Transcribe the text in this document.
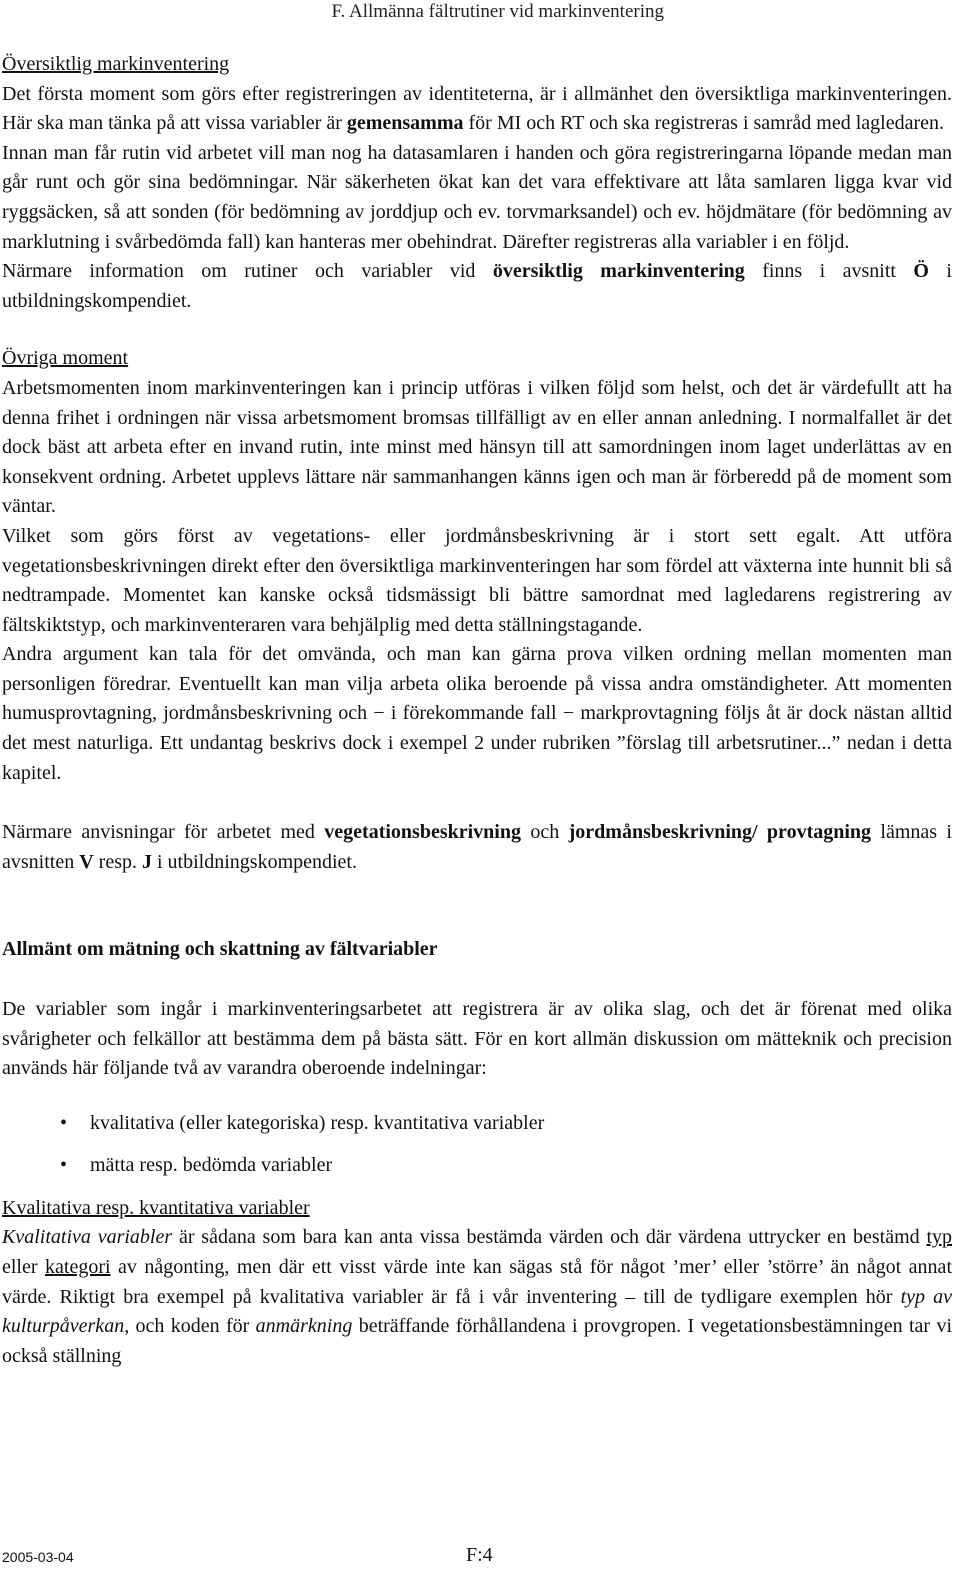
F. Allmänna fältrutiner vid markinventering

Översiktlig markinventering

Det första moment som görs efter registreringen av identiteterna, är i allmänhet den översiktliga markinventeringen. Här ska man tänka på att vissa variabler är gemensamma för MI och RT och ska registreras i samråd med lagledaren.

Innan man får rutin vid arbetet vill man nog ha datasamlaren i handen och göra registreringarna löpande medan man går runt och gör sina bedömningar. När säkerheten ökat kan det vara effektivare att låta samlaren ligga kvar vid ryggsäcken, så att sonden (för bedömning av jorddjup och ev. torvmarksandel) och ev. höjdmätare (för bedömning av marklutning i svårbedömda fall) kan hanteras mer obehindrat. Därefter registreras alla variabler i en följd.

Närmare information om rutiner och variabler vid översiktlig markinventering finns i avsnitt Ö i utbildningskompendiet.

Övriga moment

Arbetsmomenten inom markinventeringen kan i princip utföras i vilken följd som helst, och det är värdefullt att ha denna frihet i ordningen när vissa arbetsmoment bromsas tillfälligt av en eller annan anledning. I normalfallet är det dock bäst att arbeta efter en invand rutin, inte minst med hänsyn till att samordningen inom laget underlättas av en konsekvent ordning. Arbetet upplevs lättare när sammanhangen känns igen och man är förberedd på de moment som väntar.

Vilket som görs först av vegetations- eller jordmånsbeskrivning är i stort sett egalt. Att utföra vegetationsbeskrivningen direkt efter den översiktliga markinventeringen har som fördel att växterna inte hunnit bli så nedtrampade. Momentet kan kanske också tidsmässigt bli bättre samordnat med lagledarens registrering av fältskiktstyp, och markinventeraren vara behjälplig med detta ställningstagande.

Andra argument kan tala för det omvända, och man kan gärna prova vilken ordning mellan momenten man personligen föredrar. Eventuellt kan man vilja arbeta olika beroende på vissa andra omständigheter. Att momenten humusprovtagning, jordmånsbeskrivning och − i förekommande fall − markprovtagning följs åt är dock nästan alltid det mest naturliga. Ett undantag beskrivs dock i exempel 2 under rubriken ”förslag till arbetsrutiner...” nedan i detta kapitel.

Närmare anvisningar för arbetet med vegetationsbeskrivning och jordmånsbeskrivning/ provtagning lämnas i avsnitten V resp. J i utbildningskompendiet.

Allmänt om mätning och skattning av fältvariabler

De variabler som ingår i markinventeringsarbetet att registrera är av olika slag, och det är förenat med olika svårigheter och felkällor att bestämma dem på bästa sätt. För en kort allmän diskussion om mätteknik och precision används här följande två av varandra oberoende indelningar:

• kvalitativa (eller kategoriska) resp. kvantitativa variabler
• mätta resp. bedömda variabler

Kvalitativa resp. kvantitativa variabler

Kvalitativa variabler är sådana som bara kan anta vissa bestämda värden och där värdena uttrycker en bestämd typ eller kategori av någonting, men där ett visst värde inte kan sägas stå för något ’mer’ eller ’större’ än något annat värde. Riktigt bra exempel på kvalitativa variabler är få i vår inventering – till de tydligare exemplen hör typ av kulturpåverkan, och koden för anmärkning beträffande förhållandena i provgropen. I vegetationsbestämningen tar vi också ställning

2005-03-04	F:4
